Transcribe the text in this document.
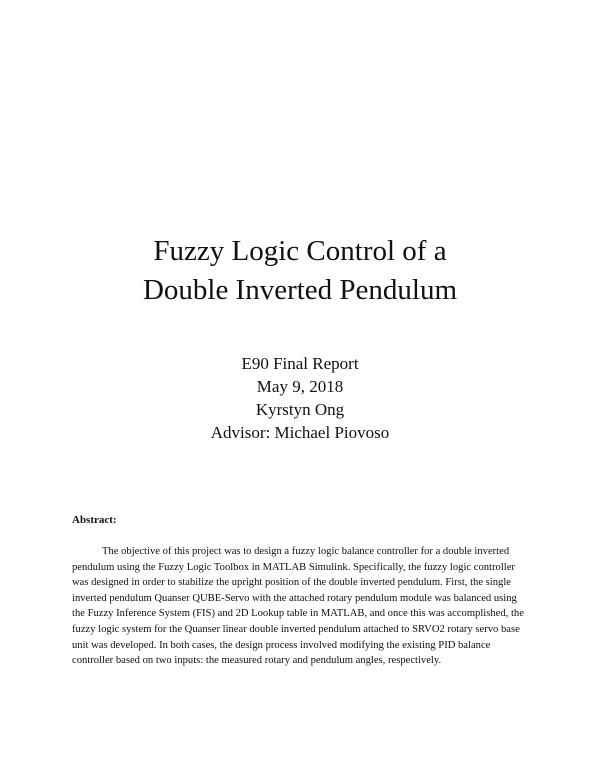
Fuzzy Logic Control of a
Double Inverted Pendulum
E90 Final Report
May 9, 2018
Kyrstyn Ong
Advisor: Michael Piovoso
Abstract:

The objective of this project was to design a fuzzy logic balance controller for a double inverted pendulum using the Fuzzy Logic Toolbox in MATLAB Simulink. Specifically, the fuzzy logic controller was designed in order to stabilize the upright position of the double inverted pendulum. First, the single inverted pendulum Quanser QUBE-Servo with the attached rotary pendulum module was balanced using the Fuzzy Inference System (FIS) and 2D Lookup table in MATLAB, and once this was accomplished, the fuzzy logic system for the Quanser linear double inverted pendulum attached to SRVO2 rotary servo base unit was developed. In both cases, the design process involved modifying the existing PID balance controller based on two inputs: the measured rotary and pendulum angles, respectively.
